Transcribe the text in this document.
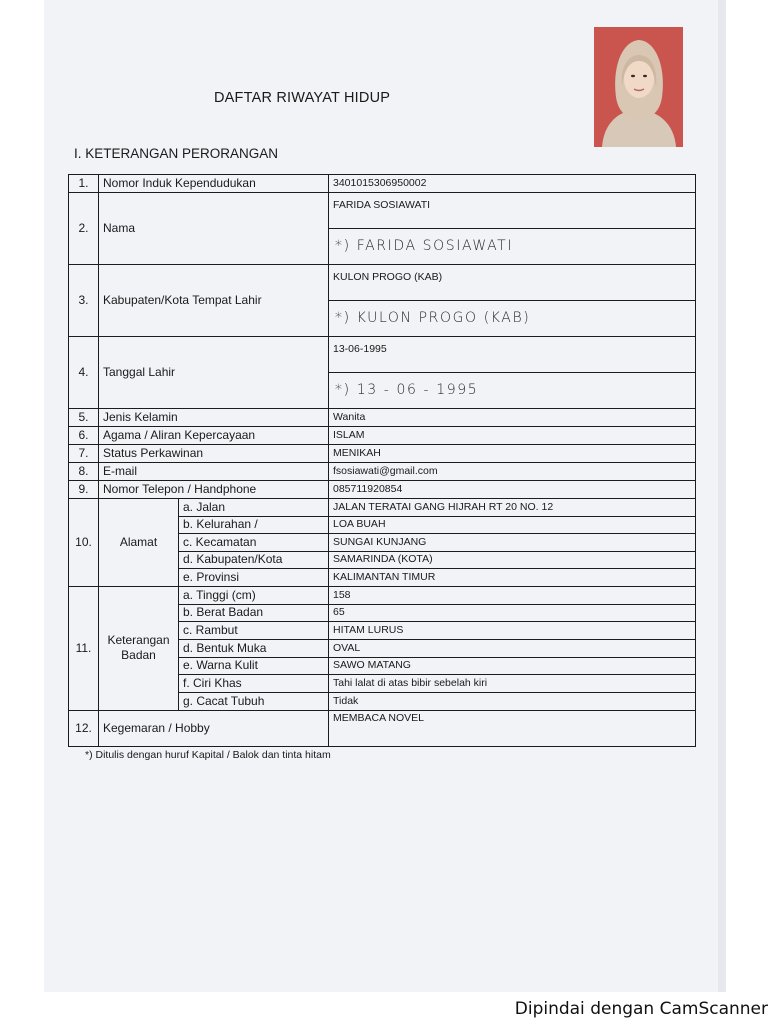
DAFTAR RIWAYAT HIDUP
I. KETERANGAN PERORANGAN
1.	Nomor Induk Kependudukan		3401015306950002
2.	Nama		FARIDA SOSIAWATI
			*) FARIDA SOSIAWATI
3.	Kabupaten/Kota Tempat Lahir		KULON PROGO (KAB)
			*) KULON PROGO (KAB)
4.	Tanggal Lahir		13-06-1995
			*) 13 - 06 - 1995
5.	Jenis Kelamin		Wanita
6.	Agama / Aliran Kepercayaan		ISLAM
7.	Status Perkawinan		MENIKAH
8.	E-mail		fsosiawati@gmail.com
9.	Nomor Telepon / Handphone		085711920854
10.	Alamat	a. Jalan	JALAN TERATAI GANG HIJRAH RT 20 NO. 12
		b. Kelurahan /	LOA BUAH
		c. Kecamatan	SUNGAI KUNJANG
		d. Kabupaten/Kota	SAMARINDA (KOTA)
		e. Provinsi	KALIMANTAN TIMUR
11.	Keterangan Badan	a. Tinggi (cm)	158
		b. Berat Badan	65
		c. Rambut	HITAM LURUS
		d. Bentuk Muka	OVAL
		e. Warna Kulit	SAWO MATANG
		f. Ciri Khas	Tahi lalat di atas bibir sebelah kiri
		g. Cacat Tubuh	Tidak
12.	Kegemaran / Hobby		MEMBACA NOVEL
*) Ditulis dengan huruf Kapital / Balok dan tinta hitam
Dipindai dengan CamScanner
